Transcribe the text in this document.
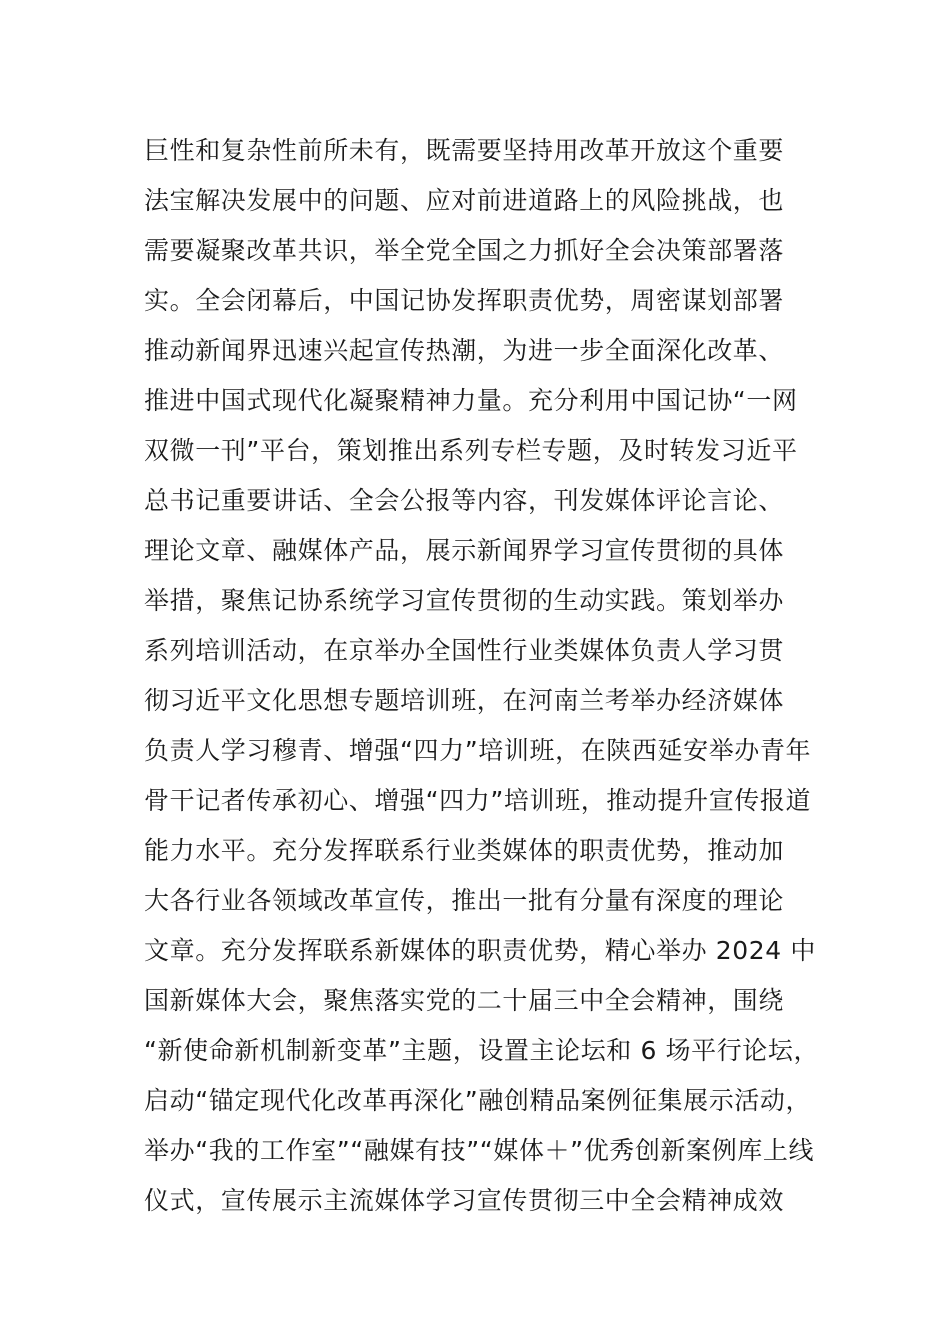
巨性和复杂性前所未有，既需要坚持用改革开放这个重要
法宝解决发展中的问题、应对前进道路上的风险挑战，也
需要凝聚改革共识，举全党全国之力抓好全会决策部署落
实。全会闭幕后，中国记协发挥职责优势，周密谋划部署
推动新闻界迅速兴起宣传热潮，为进一步全面深化改革、
推进中国式现代化凝聚精神力量。充分利用中国记协“一网
双微一刊”平台，策划推出系列专栏专题，及时转发习近平
总书记重要讲话、全会公报等内容，刊发媒体评论言论、
理论文章、融媒体产品，展示新闻界学习宣传贯彻的具体
举措，聚焦记协系统学习宣传贯彻的生动实践。策划举办
系列培训活动，在京举办全国性行业类媒体负责人学习贯
彻习近平文化思想专题培训班，在河南兰考举办经济媒体
负责人学习穆青、增强“四力”培训班，在陕西延安举办青年
骨干记者传承初心、增强“四力”培训班，推动提升宣传报道
能力水平。充分发挥联系行业类媒体的职责优势，推动加
大各行业各领域改革宣传，推出一批有分量有深度的理论
文章。充分发挥联系新媒体的职责优势，精心举办 2024 中
国新媒体大会，聚焦落实党的二十届三中全会精神，围绕
“新使命新机制新变革”主题，设置主论坛和 6 场平行论坛，
启动“锚定现代化改革再深化”融创精品案例征集展示活动，
举办“我的工作室”“融媒有技”“媒体＋”优秀创新案例库上线
仪式，宣传展示主流媒体学习宣传贯彻三中全会精神成效
